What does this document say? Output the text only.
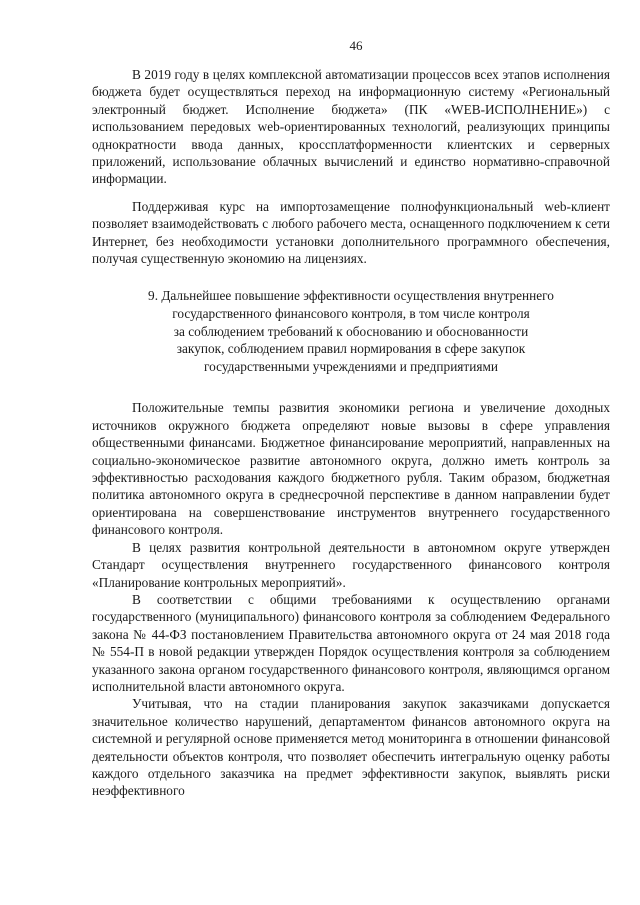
46

В 2019 году в целях комплексной автоматизации процессов всех этапов исполнения бюджета будет осуществляться переход на информационную систему «Региональный электронный бюджет. Исполнение бюджета» (ПК «WEB-ИСПОЛНЕНИЕ») с использованием передовых web-ориентированных технологий, реализующих принципы однократности ввода данных, кроссплатформенности клиентских и серверных приложений, использование облачных вычислений и единство нормативно-справочной информации.

Поддерживая курс на импортозамещение полнофункциональный web-клиент позволяет взаимодействовать с любого рабочего места, оснащенного подключением к сети Интернет, без необходимости установки дополнительного программного обеспечения, получая существенную экономию на лицензиях.

9. Дальнейшее повышение эффективности осуществления внутреннего
государственного финансового контроля, в том числе контроля
за соблюдением требований к обоснованию и обоснованности
закупок, соблюдением правил нормирования в сфере закупок
государственными учреждениями и предприятиями

Положительные темпы развития экономики региона и увеличение доходных источников окружного бюджета определяют новые вызовы в сфере управления общественными финансами. Бюджетное финансирование мероприятий, направленных на социально-экономическое развитие автономного округа, должно иметь контроль за эффективностью расходования каждого бюджетного рубля. Таким образом, бюджетная политика автономного округа в среднесрочной перспективе в данном направлении будет ориентирована на совершенствование инструментов внутреннего государственного финансового контроля.

В целях развития контрольной деятельности в автономном округе утвержден Стандарт осуществления внутреннего государственного финансового контроля «Планирование контрольных мероприятий».

В соответствии с общими требованиями к осуществлению органами государственного (муниципального) финансового контроля за соблюдением Федерального закона № 44-ФЗ постановлением Правительства автономного округа от 24 мая 2018 года № 554-П в новой редакции утвержден Порядок осуществления контроля за соблюдением указанного закона органом государственного финансового контроля, являющимся органом исполнительной власти автономного округа.

Учитывая, что на стадии планирования закупок заказчиками допускается значительное количество нарушений, департаментом финансов автономного округа на системной и регулярной основе применяется метод мониторинга в отношении финансовой деятельности объектов контроля, что позволяет обеспечить интегральную оценку работы каждого отдельного заказчика на предмет эффективности закупок, выявлять риски неэффективного
